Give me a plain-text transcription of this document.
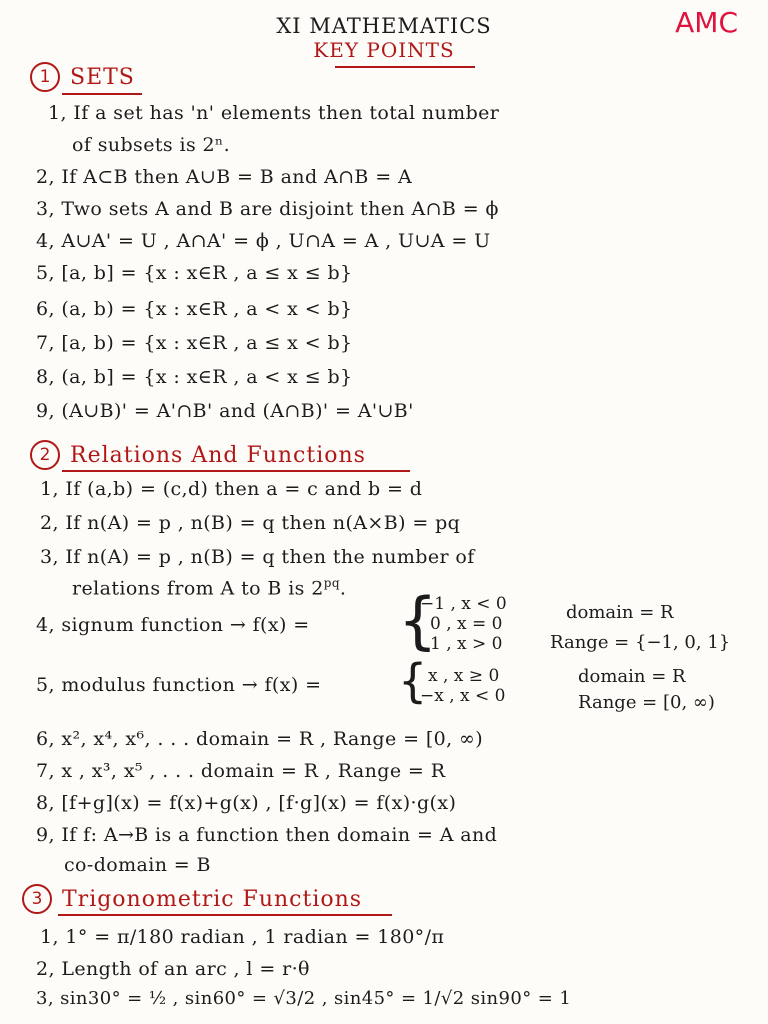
XI MATHEMATICS
KEY POINTS
AMC
1 SETS
1, If a set has 'n' elements then total number
of subsets is 2ⁿ.
2, If A⊂B then A∪B = B and A∩B = A
3, Two sets A and B are disjoint then A∩B = ϕ
4, A∪A' = U , A∩A' = ϕ , U∩A = A , U∪A = U
5, [a, b] = {x : x∈R , a ≤ x ≤ b}
6, (a, b) = {x : x∈R , a < x < b}
7, [a, b) = {x : x∈R , a ≤ x < b}
8, (a, b] = {x : x∈R , a < x ≤ b}
9, (A∪B)' = A'∩B' and (A∩B)' = A'∪B'
2 Relations And Functions
1, If (a,b) = (c,d) then a = c and b = d
2, If n(A) = p , n(B) = q then n(A×B) = pq
3, If n(A) = p , n(B) = q then the number of
relations from A to B is $2^{pq}$.
4, signum function → f(x) = {
−1 , x < 0
0 , x = 0
1 , x > 0
domain = R
Range = {−1, 0, 1}
5, modulus function → f(x) = { x , x ≥ 0
−x , x < 0
domain = R
Range = [0, ∞)
6, x², x⁴, x⁶, . . . domain = R , Range = [0, ∞)
7, x , x³, x⁵ , . . . domain = R , Range = R
8, [f+g](x) = f(x)+g(x) , [f·g](x) = f(x)·g(x)
9, If f: A→B is a function then domain = A and
co-domain = B
3 Trigonometric Functions
1, 1° = π/180 radian , 1 radian = 180°/π
2, Length of an arc , l = r·θ
3, sin30° = ½ , sin60° = √3/2 , sin45° = 1/√2 sin90° = 1
